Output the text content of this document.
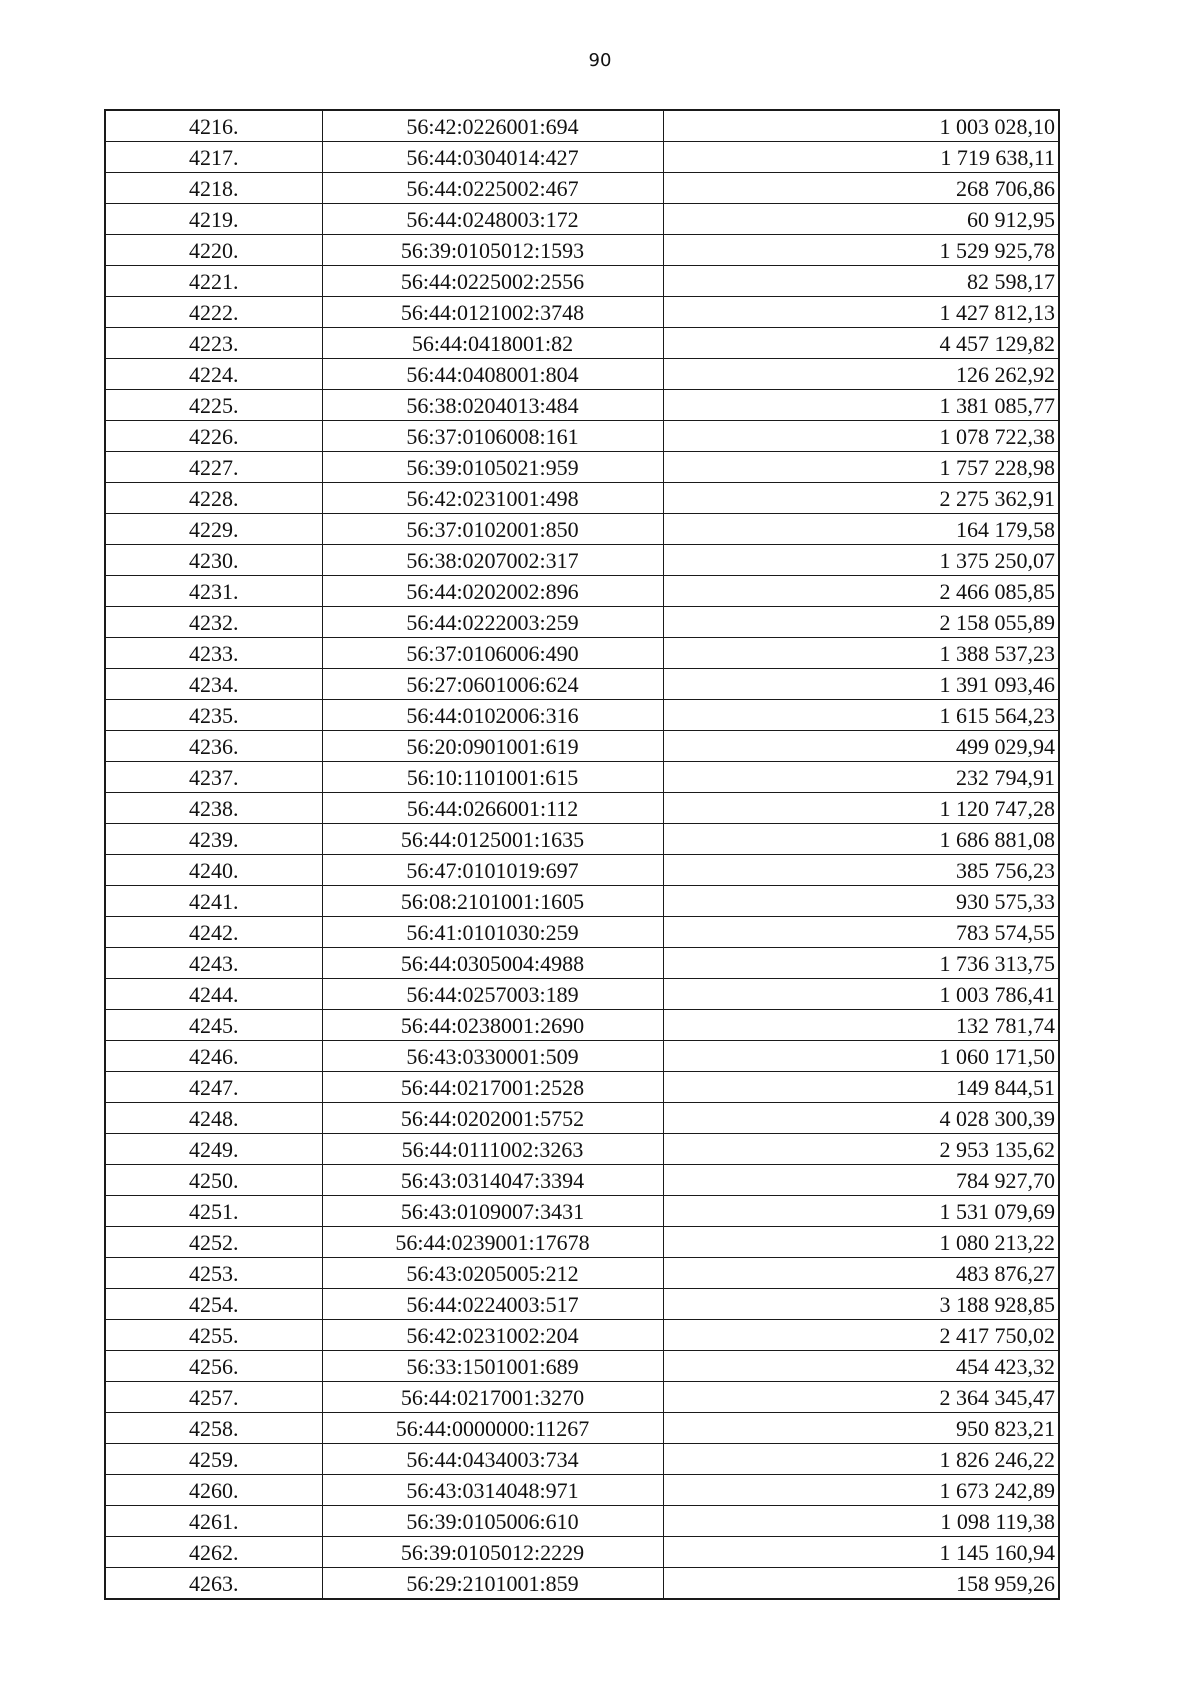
90
4216.	56:42:0226001:694	1 003 028,10
4217.	56:44:0304014:427	1 719 638,11
4218.	56:44:0225002:467	268 706,86
4219.	56:44:0248003:172	60 912,95
4220.	56:39:0105012:1593	1 529 925,78
4221.	56:44:0225002:2556	82 598,17
4222.	56:44:0121002:3748	1 427 812,13
4223.	56:44:0418001:82	4 457 129,82
4224.	56:44:0408001:804	126 262,92
4225.	56:38:0204013:484	1 381 085,77
4226.	56:37:0106008:161	1 078 722,38
4227.	56:39:0105021:959	1 757 228,98
4228.	56:42:0231001:498	2 275 362,91
4229.	56:37:0102001:850	164 179,58
4230.	56:38:0207002:317	1 375 250,07
4231.	56:44:0202002:896	2 466 085,85
4232.	56:44:0222003:259	2 158 055,89
4233.	56:37:0106006:490	1 388 537,23
4234.	56:27:0601006:624	1 391 093,46
4235.	56:44:0102006:316	1 615 564,23
4236.	56:20:0901001:619	499 029,94
4237.	56:10:1101001:615	232 794,91
4238.	56:44:0266001:112	1 120 747,28
4239.	56:44:0125001:1635	1 686 881,08
4240.	56:47:0101019:697	385 756,23
4241.	56:08:2101001:1605	930 575,33
4242.	56:41:0101030:259	783 574,55
4243.	56:44:0305004:4988	1 736 313,75
4244.	56:44:0257003:189	1 003 786,41
4245.	56:44:0238001:2690	132 781,74
4246.	56:43:0330001:509	1 060 171,50
4247.	56:44:0217001:2528	149 844,51
4248.	56:44:0202001:5752	4 028 300,39
4249.	56:44:0111002:3263	2 953 135,62
4250.	56:43:0314047:3394	784 927,70
4251.	56:43:0109007:3431	1 531 079,69
4252.	56:44:0239001:17678	1 080 213,22
4253.	56:43:0205005:212	483 876,27
4254.	56:44:0224003:517	3 188 928,85
4255.	56:42:0231002:204	2 417 750,02
4256.	56:33:1501001:689	454 423,32
4257.	56:44:0217001:3270	2 364 345,47
4258.	56:44:0000000:11267	950 823,21
4259.	56:44:0434003:734	1 826 246,22
4260.	56:43:0314048:971	1 673 242,89
4261.	56:39:0105006:610	1 098 119,38
4262.	56:39:0105012:2229	1 145 160,94
4263.	56:29:2101001:859	158 959,26
